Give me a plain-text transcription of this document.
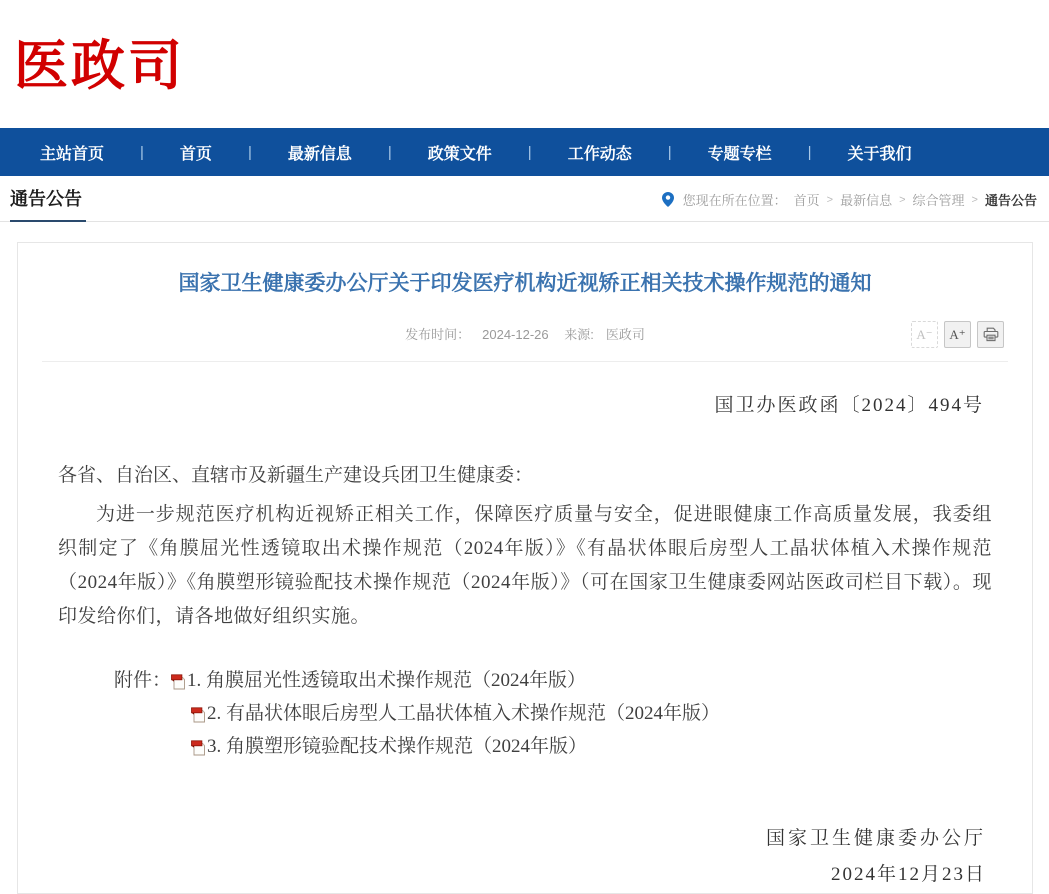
医政司
主站首页 | 首页 | 最新信息 | 政策文件 | 工作动态 | 专题专栏 | 关于我们
通告公告	您现在所在位置： 首页 > 最新信息 > 综合管理 > 通告公告
国家卫生健康委办公厅关于印发医疗机构近视矫正相关技术操作规范的通知
发布时间： 2024-12-26 来源: 医政司	A⁻	A⁺
国卫办医政函〔2024〕494号
各省、自治区、直辖市及新疆生产建设兵团卫生健康委：
为进一步规范医疗机构近视矫正相关工作，保障医疗质量与安全，促进眼健康工作高质量发展，我委组织制定了《角膜屈光性透镜取出术操作规范（2024年版）》《有晶状体眼后房型人工晶状体植入术操作规范（2024年版）》《角膜塑形镜验配技术操作规范（2024年版）》（可在国家卫生健康委网站医政司栏目下载）。现印发给你们，请各地做好组织实施。
附件： 1. 角膜屈光性透镜取出术操作规范（2024年版）
2. 有晶状体眼后房型人工晶状体植入术操作规范（2024年版）
3. 角膜塑形镜验配技术操作规范（2024年版）
国家卫生健康委办公厅
2024年12月23日
